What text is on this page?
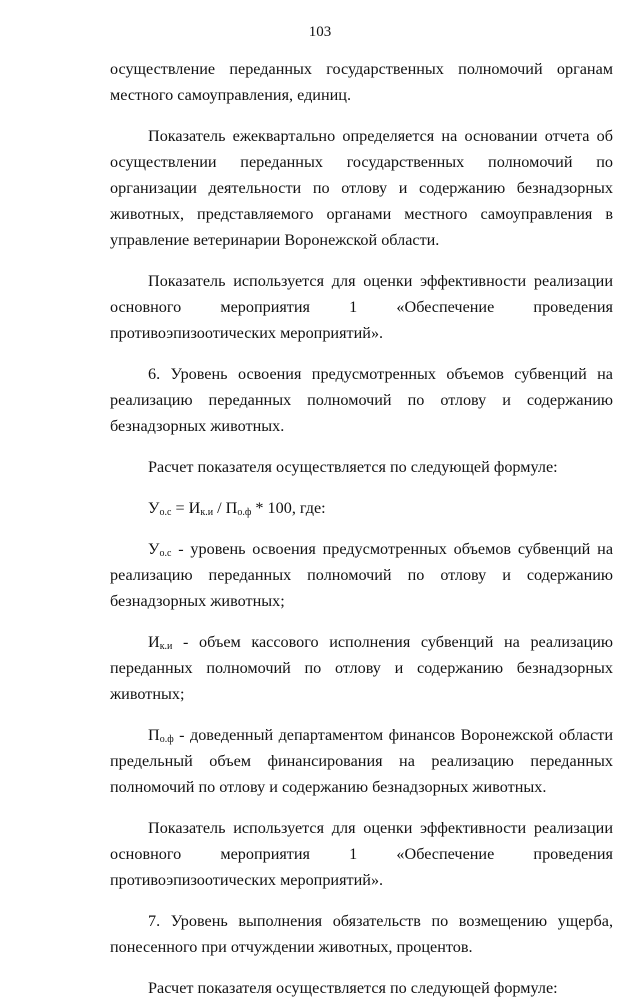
103

осуществление переданных государственных полномочий органам местного самоуправления, единиц.

Показатель ежеквартально определяется на основании отчета об осуществлении переданных государственных полномочий по организации деятельности по отлову и содержанию безнадзорных животных, представляемого органами местного самоуправления в управление ветеринарии Воронежской области.

Показатель используется для оценки эффективности реализации основного мероприятия 1 «Обеспечение проведения противоэпизоотических мероприятий».

6. Уровень освоения предусмотренных объемов субвенций на реализацию переданных полномочий по отлову и содержанию безнадзорных животных.

Расчет показателя осуществляется по следующей формуле:

$У_{о.с} = И_{к.и} / П_{о.ф} * 100$, где:

$У_{о.с}$ - уровень освоения предусмотренных объемов субвенций на реализацию переданных полномочий по отлову и содержанию безнадзорных животных;

$И_{к.и}$ - объем кассового исполнения субвенций на реализацию переданных полномочий по отлову и содержанию безнадзорных животных;

$П_{о.ф}$ - доведенный департаментом финансов Воронежской области предельный объем финансирования на реализацию переданных полномочий по отлову и содержанию безнадзорных животных.

Показатель используется для оценки эффективности реализации основного мероприятия 1 «Обеспечение проведения противоэпизоотических мероприятий».

7. Уровень выполнения обязательств по возмещению ущерба, понесенного при отчуждении животных, процентов.

Расчет показателя осуществляется по следующей формуле:
